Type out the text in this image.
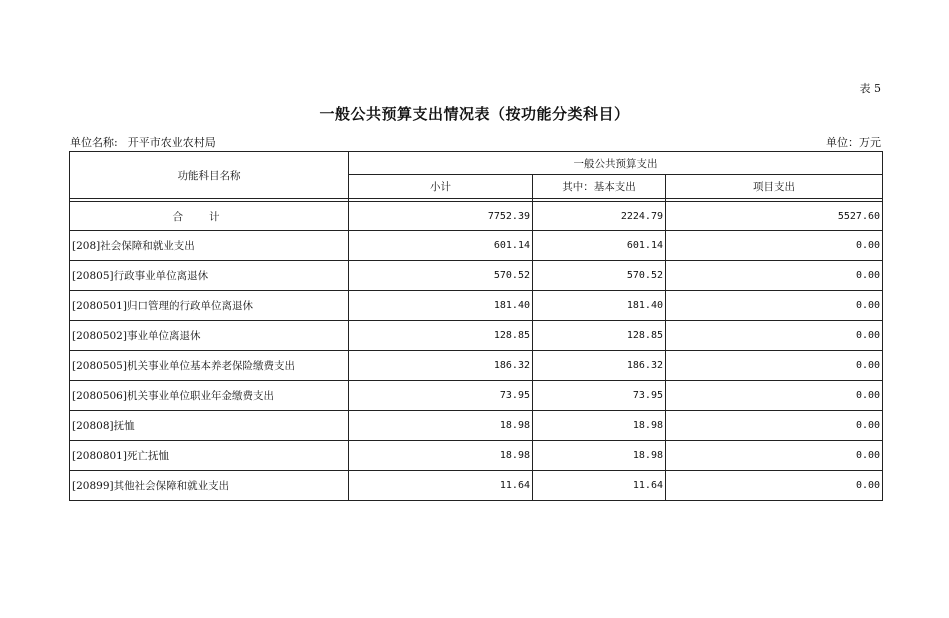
表 5
一般公共预算支出情况表（按功能分类科目）
单位名称: 开平市农业农村局	单位：万元
功能科目名称	一般公共预算支出		
	小计	其中：基本支出	项目支出

合计	7752.39	2224.79	5527.60
[208]社会保障和就业支出	601.14	601.14	0.00
[20805]行政事业单位离退休	570.52	570.52	0.00
[2080501]归口管理的行政单位离退休	181.40	181.40	0.00
[2080502]事业单位离退休	128.85	128.85	0.00
[2080505]机关事业单位基本养老保险缴费支出	186.32	186.32	0.00
[2080506]机关事业单位职业年金缴费支出	73.95	73.95	0.00
[20808]抚恤	18.98	18.98	0.00
[2080801]死亡抚恤	18.98	18.98	0.00
[20899]其他社会保障和就业支出	11.64	11.64	0.00
